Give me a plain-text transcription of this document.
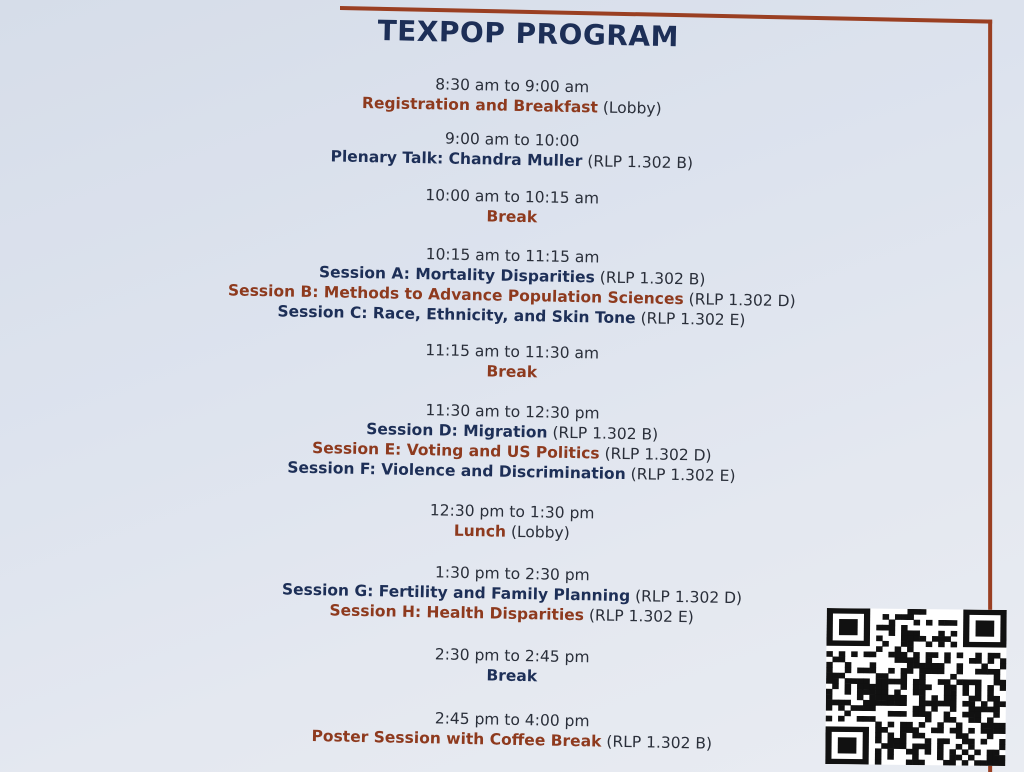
TEXPOP PROGRAM
8:30 am to 9:00 am
Registration and Breakfast (Lobby)
9:00 am to 10:00
Plenary Talk: Chandra Muller (RLP 1.302 B)
10:00 am to 10:15 am
Break
10:15 am to 11:15 am
Session A: Mortality Disparities (RLP 1.302 B)
Session B: Methods to Advance Population Sciences (RLP 1.302 D)
Session C: Race, Ethnicity, and Skin Tone (RLP 1.302 E)
11:15 am to 11:30 am
Break
11:30 am to 12:30 pm
Session D: Migration (RLP 1.302 B)
Session E: Voting and US Politics (RLP 1.302 D)
Session F: Violence and Discrimination (RLP 1.302 E)
12:30 pm to 1:30 pm
Lunch (Lobby)
1:30 pm to 2:30 pm
Session G: Fertility and Family Planning (RLP 1.302 D)
Session H: Health Disparities (RLP 1.302 E)
2:30 pm to 2:45 pm
Break
2:45 pm to 4:00 pm
Poster Session with Coffee Break (RLP 1.302 B)
